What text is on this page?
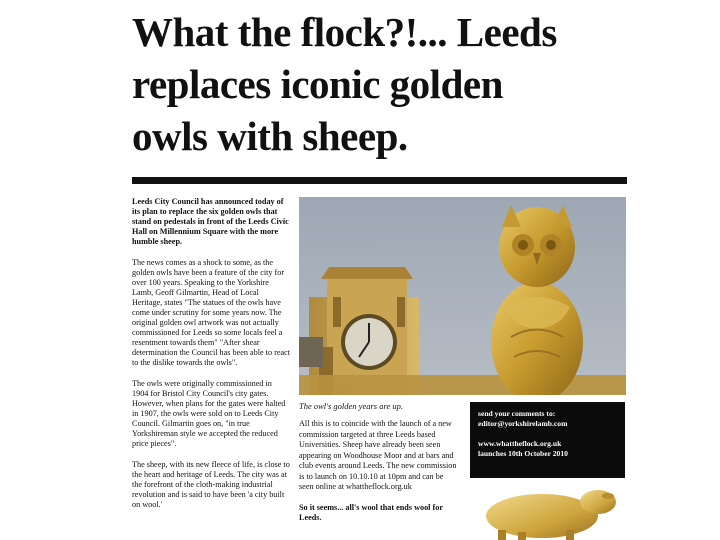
What the flock?!... Leeds
replaces iconic golden
owls with sheep.

Leeds City Council has announced today of its plan to replace the six golden owls that stand on pedestals in front of the Leeds Civic Hall on Millennium Square with the more humble sheep.

The news comes as a shock to some, as the golden owls have been a feature of the city for over 100 years. Speaking to the Yorkshire Lamb, Geoff Gilmartin, Head of Local Heritage, states "The statues of the owls have come under scrutiny for some years now. The original golden owl artwork was not actually commissioned for Leeds so some locals feel a resentment towards them" "After shear determination the Council has been able to react to the dislike towards the owls".

The owls were originally commissioned in 1904 for Bristol City Council's city gates. However, when plans for the gates were halted in 1907, the owls were sold on to Leeds City Council. Gilmartin goes on, "in true Yorkshireman style we accepted the reduced price pieces".

The sheep, with its new fleece of life, is close to the heart and heritage of Leeds. The city was at the forefront of the cloth-making industrial revolution and is said to have been 'a city built on wool.'

The owl's golden years are up.

All this is to coincide with the launch of a new commission targeted at three Leeds based Universities. Sheep have already been seen appearing on Woodhouse Moor and at bars and club events around Leeds. The new commission is to launch on 10.10.10 at 10pm and can be seen online at whattheflock.org.uk

So it seems... all's wool that ends wool for Leeds.

send your comments to:
editor@yorkshirelamb.com
www.whattheflock.org.uk
launches 10th October 2010
